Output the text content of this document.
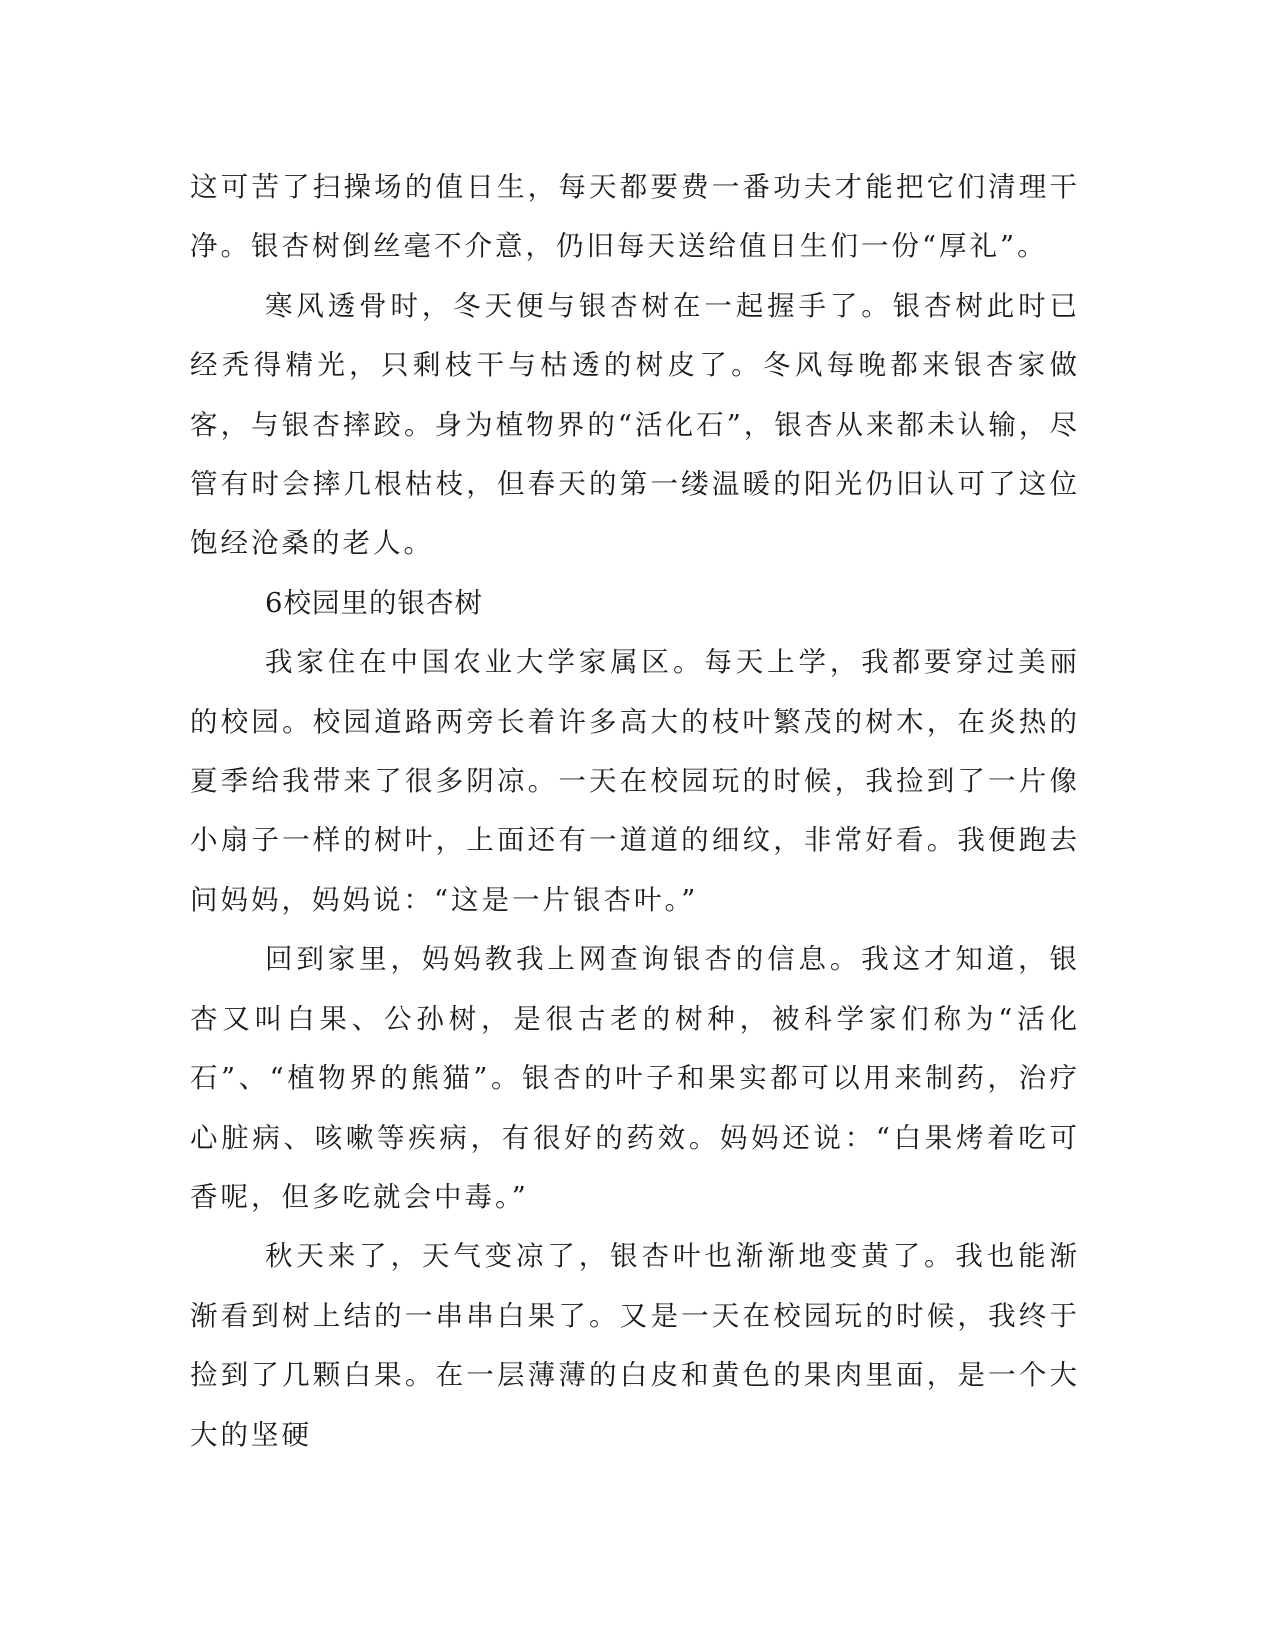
这可苦了扫操场的值日生，每天都要费一番功夫才能把它们清理干净。银杏树倒丝毫不介意，仍旧每天送给值日生们一份“厚礼”。

寒风透骨时，冬天便与银杏树在一起握手了。银杏树此时已经秃得精光，只剩枝干与枯透的树皮了。冬风每晚都来银杏家做客，与银杏摔跤。身为植物界的“活化石”，银杏从来都未认输，尽管有时会摔几根枯枝，但春天的第一缕温暖的阳光仍旧认可了这位饱经沧桑的老人。

6校园里的银杏树

我家住在中国农业大学家属区。每天上学，我都要穿过美丽的校园。校园道路两旁长着许多高大的枝叶繁茂的树木，在炎热的夏季给我带来了很多阴凉。一天在校园玩的时候，我捡到了一片像小扇子一样的树叶，上面还有一道道的细纹，非常好看。我便跑去问妈妈，妈妈说：“这是一片银杏叶。”

回到家里，妈妈教我上网查询银杏的信息。我这才知道，银杏又叫白果、公孙树，是很古老的树种，被科学家们称为“活化石”、“植物界的熊猫”。银杏的叶子和果实都可以用来制药，治疗心脏病、咳嗽等疾病，有很好的药效。妈妈还说：“白果烤着吃可香呢，但多吃就会中毒。”

秋天来了，天气变凉了，银杏叶也渐渐地变黄了。我也能渐渐看到树上结的一串串白果了。又是一天在校园玩的时候，我终于捡到了几颗白果。在一层薄薄的白皮和黄色的果肉里面，是一个大大的坚硬
